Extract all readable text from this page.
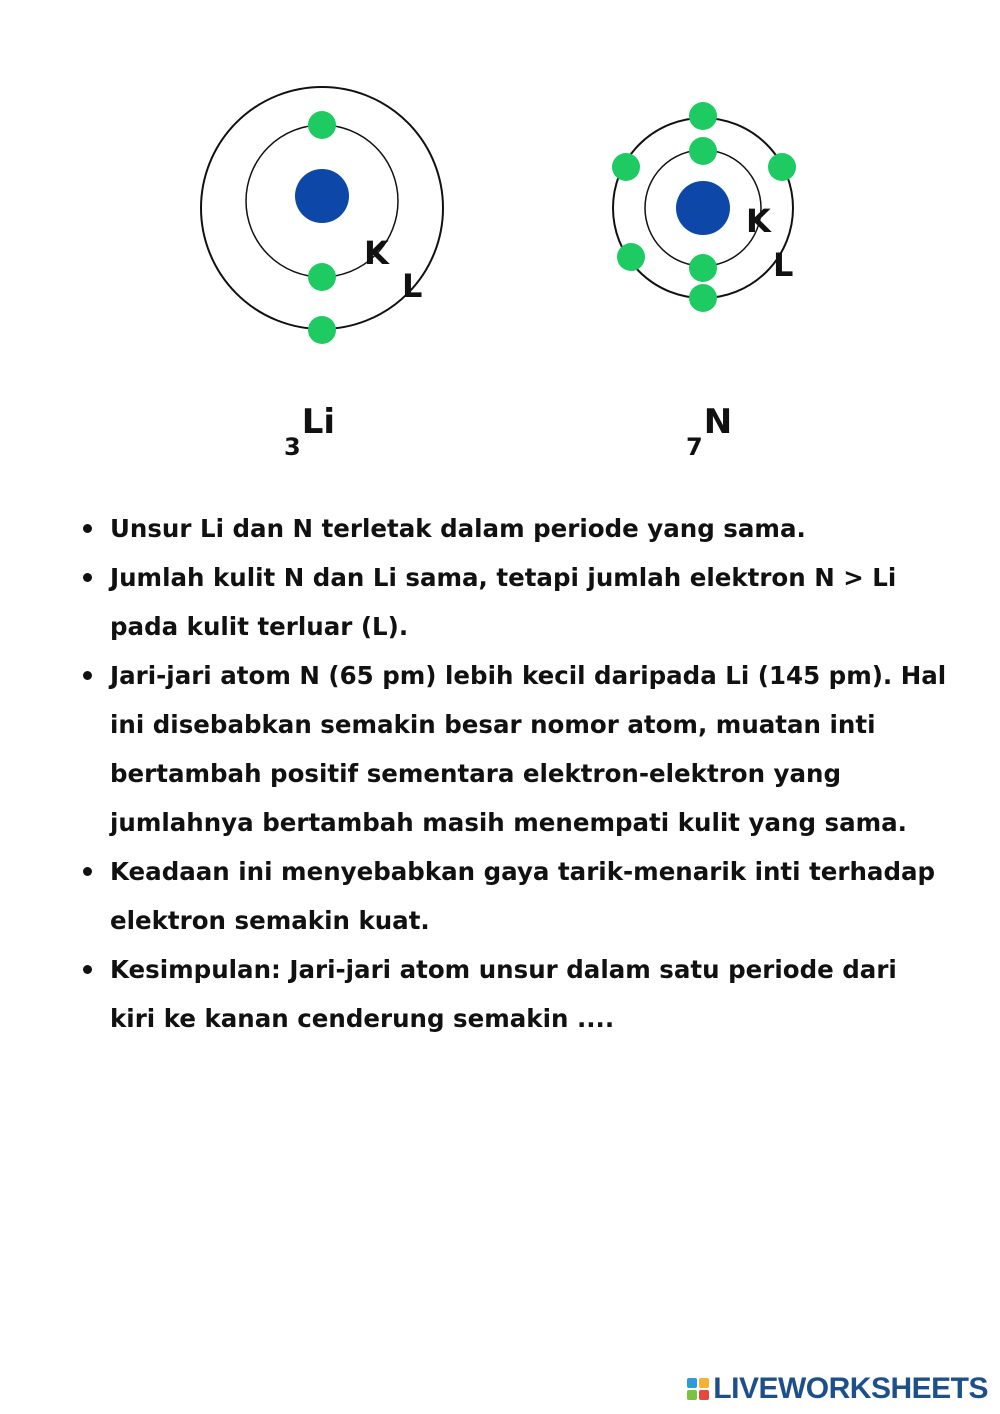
K
L
K
L
3Li
7N
Unsur Li dan N terletak dalam periode yang sama.
Jumlah kulit N dan Li sama, tetapi jumlah elektron N > Li pada kulit terluar (L).
Jari-jari atom N (65 pm) lebih kecil daripada Li (145 pm). Hal ini disebabkan semakin besar nomor atom, muatan inti bertambah positif sementara elektron-elektron yang jumlahnya bertambah masih menempati kulit yang sama.
Keadaan ini menyebabkan gaya tarik-menarik inti terhadap elektron semakin kuat.
Kesimpulan: Jari-jari atom unsur dalam satu periode dari kiri ke kanan cenderung semakin ....
LIVEWORKSHEETS
